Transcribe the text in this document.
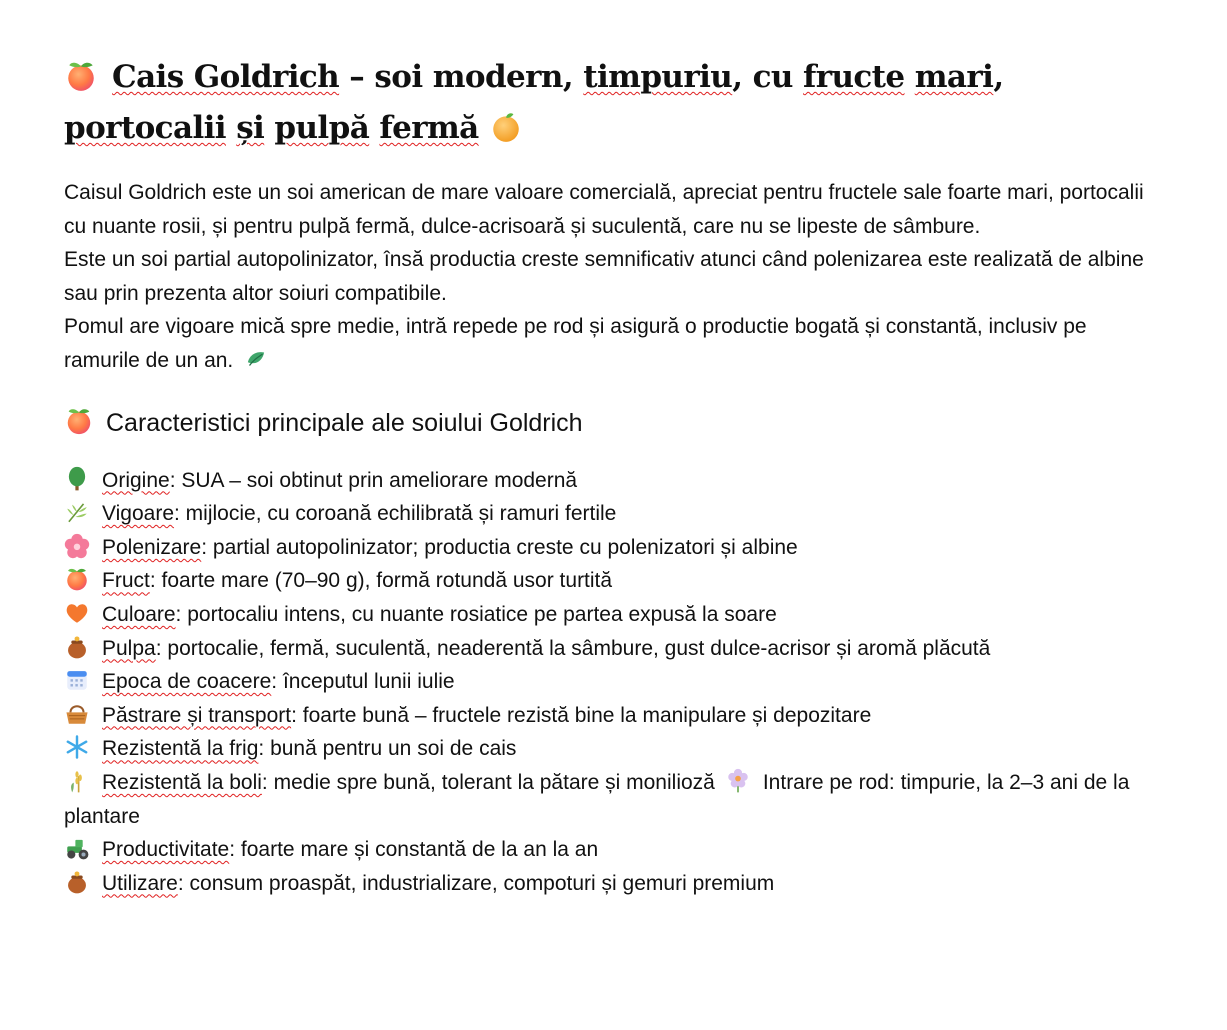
Cais Goldrich – soi modern, timpuriu, cu fructe mari,
portocalii și pulpă fermă
Caisul Goldrich este un soi american de mare valoare comercială, apreciat pentru fructele sale foarte mari, portocalii cu nuante rosii, și pentru pulpă fermă, dulce-acrisoară și suculentă, care nu se lipeste de sâmbure.
Este un soi partial autopolinizator, însă productia creste semnificativ atunci când polenizarea este realizată de albine sau prin prezenta altor soiuri compatibile.
Pomul are vigoare mică spre medie, intră repede pe rod și asigură o productie bogată și constantă, inclusiv pe ramurile de un an.
Caracteristici principale ale soiului Goldrich
Origine: SUA – soi obtinut prin ameliorare modernă
Vigoare: mijlocie, cu coroană echilibrată și ramuri fertile
Polenizare: partial autopolinizator; productia creste cu polenizatori și albine
Fruct: foarte mare (70–90 g), formă rotundă usor turtită
Culoare: portocaliu intens, cu nuante rosiatice pe partea expusă la soare
Pulpa: portocalie, fermă, suculentă, neaderentă la sâmbure, gust dulce-acrisor și aromă plăcută
Epoca de coacere: începutul lunii iulie
Păstrare și transport: foarte bună – fructele rezistă bine la manipulare și depozitare
Rezistentă la frig: bună pentru un soi de cais
Rezistentă la boli: medie spre bună, tolerant la pătare și monilioză Intrare pe rod: timpurie, la 2–3 ani de la plantare
Productivitate: foarte mare și constantă de la an la an
Utilizare: consum proaspăt, industrializare, compoturi și gemuri premium
